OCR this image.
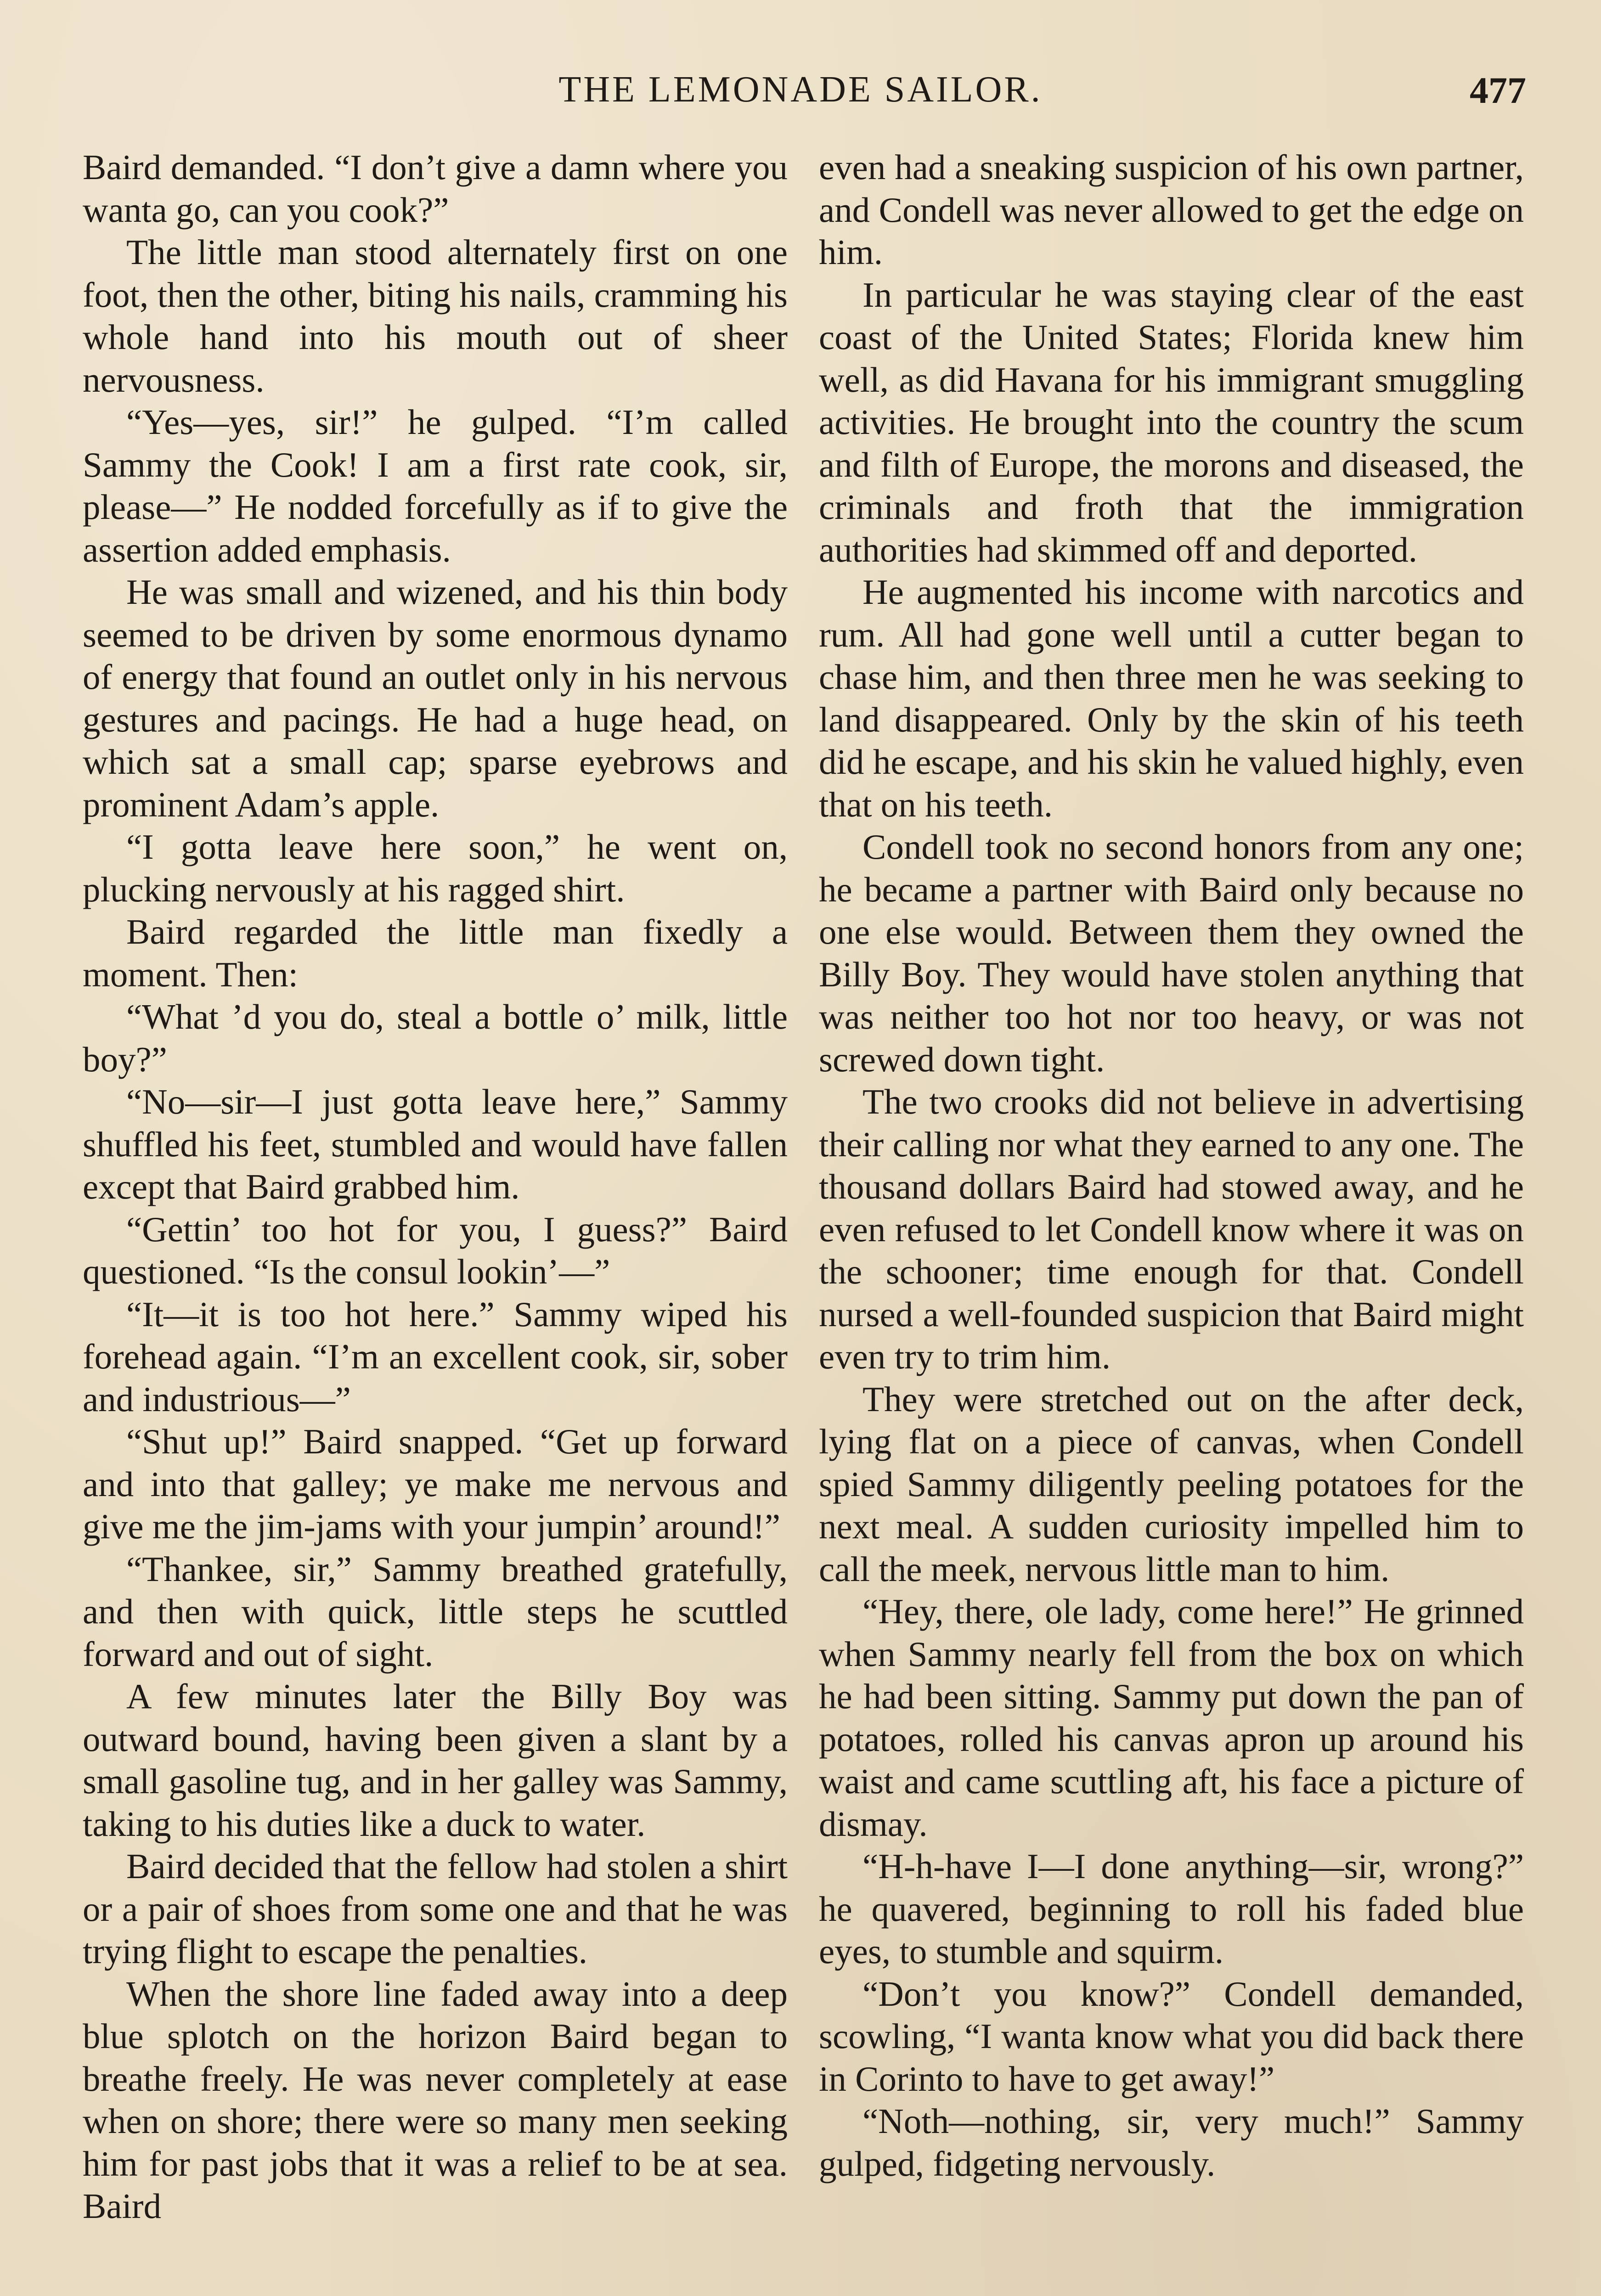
THE LEMONADE SAILOR.	477

Baird demanded. “I don’t give a damn where you wanta go, can you cook?”

The little man stood alternately first on one foot, then the other, biting his nails, cramming his whole hand into his mouth out of sheer nervousness.

“Yes—yes, sir!” he gulped. “I’m called Sammy the Cook! I am a first rate cook, sir, please—” He nodded forcefully as if to give the assertion added emphasis.

He was small and wizened, and his thin body seemed to be driven by some enormous dynamo of energy that found an outlet only in his nervous gestures and pacings. He had a huge head, on which sat a small cap; sparse eyebrows and prominent Adam’s apple.

“I gotta leave here soon,” he went on, plucking nervously at his ragged shirt.

Baird regarded the little man fixedly a moment. Then:

“What ’d you do, steal a bottle o’ milk, little boy?”

“No—sir—I just gotta leave here,” Sammy shuffled his feet, stumbled and would have fallen except that Baird grabbed him.

“Gettin’ too hot for you, I guess?” Baird questioned. “Is the consul lookin’—”

“It—it is too hot here.” Sammy wiped his forehead again. “I’m an excellent cook, sir, sober and industrious—”

“Shut up!” Baird snapped. “Get up forward and into that galley; ye make me nervous and give me the jim-jams with your jumpin’ around!”

“Thankee, sir,” Sammy breathed gratefully, and then with quick, little steps he scuttled forward and out of sight.

A few minutes later the Billy Boy was outward bound, having been given a slant by a small gasoline tug, and in her galley was Sammy, taking to his duties like a duck to water.

Baird decided that the fellow had stolen a shirt or a pair of shoes from some one and that he was trying flight to escape the penalties.

When the shore line faded away into a deep blue splotch on the horizon Baird began to breathe freely. He was never completely at ease when on shore; there were so many men seeking him for past jobs that it was a relief to be at sea. Baird

even had a sneaking suspicion of his own partner, and Condell was never allowed to get the edge on him.

In particular he was staying clear of the east coast of the United States; Florida knew him well, as did Havana for his immigrant smuggling activities. He brought into the country the scum and filth of Europe, the morons and diseased, the criminals and froth that the immigration authorities had skimmed off and deported.

He augmented his income with narcotics and rum. All had gone well until a cutter began to chase him, and then three men he was seeking to land disappeared. Only by the skin of his teeth did he escape, and his skin he valued highly, even that on his teeth.

Condell took no second honors from any one; he became a partner with Baird only because no one else would. Between them they owned the Billy Boy. They would have stolen anything that was neither too hot nor too heavy, or was not screwed down tight.

The two crooks did not believe in advertising their calling nor what they earned to any one. The thousand dollars Baird had stowed away, and he even refused to let Condell know where it was on the schooner; time enough for that. Condell nursed a well-founded suspicion that Baird might even try to trim him.

They were stretched out on the after deck, lying flat on a piece of canvas, when Condell spied Sammy diligently peeling potatoes for the next meal. A sudden curiosity impelled him to call the meek, nervous little man to him.

“Hey, there, ole lady, come here!” He grinned when Sammy nearly fell from the box on which he had been sitting. Sammy put down the pan of potatoes, rolled his canvas apron up around his waist and came scuttling aft, his face a picture of dismay.

“H-h-have I—I done anything—sir, wrong?” he quavered, beginning to roll his faded blue eyes, to stumble and squirm.

“Don’t you know?” Condell demanded, scowling, “I wanta know what you did back there in Corinto to have to get away!”

“Noth—nothing, sir, very much!” Sammy gulped, fidgeting nervously.
